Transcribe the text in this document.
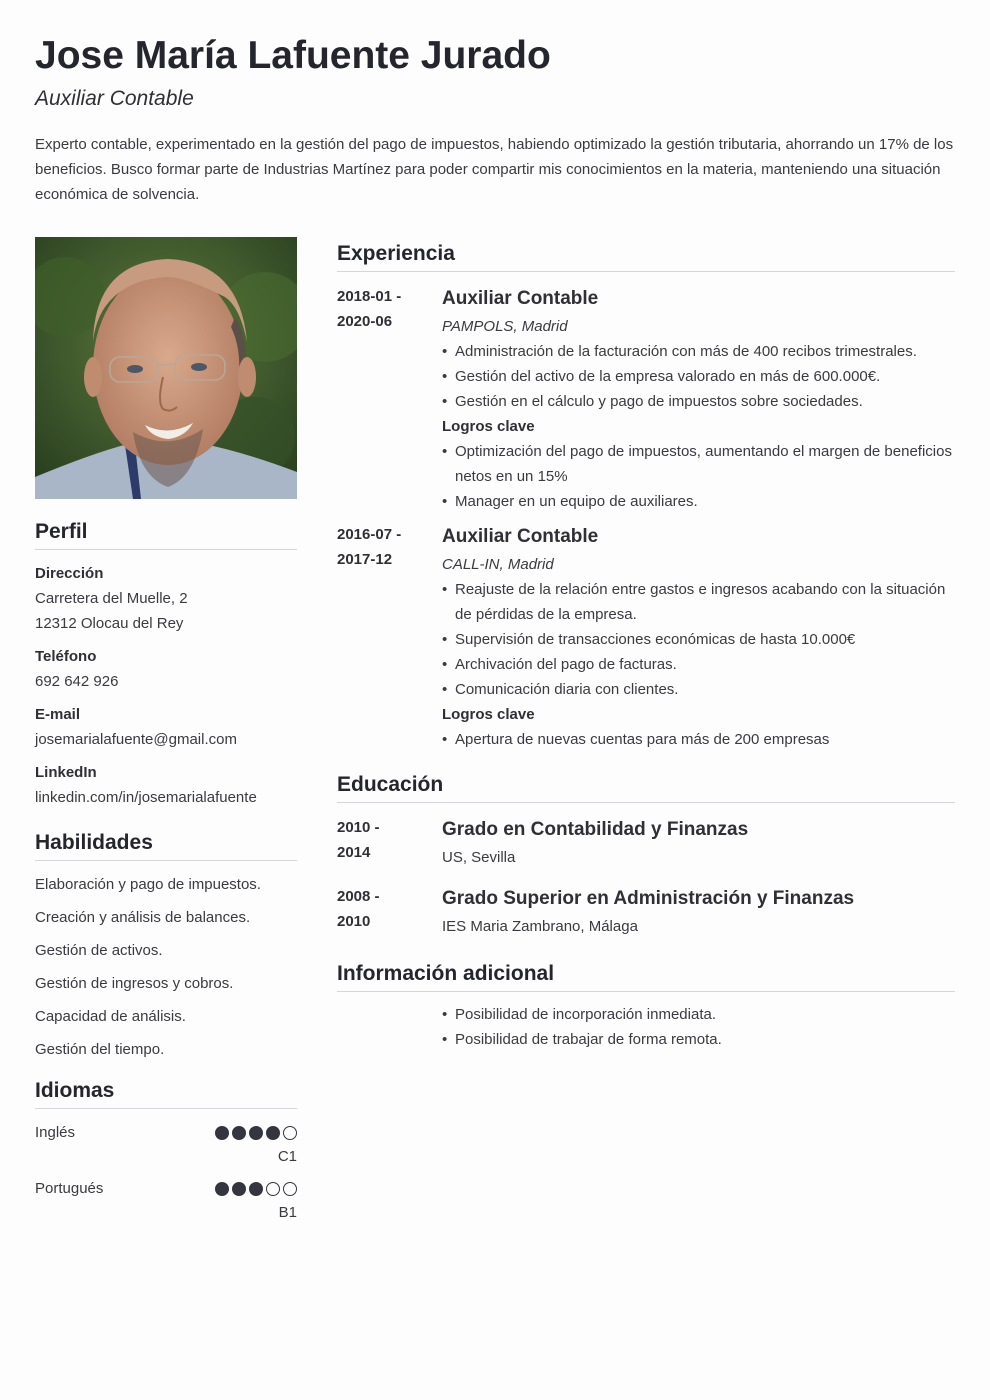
Jose María Lafuente Jurado
Auxiliar Contable

Experto contable, experimentado en la gestión del pago de impuestos, habiendo optimizado la gestión tributaria, ahorrando un 17% de los beneficios. Busco formar parte de Industrias Martínez para poder compartir mis conocimientos en la materia, manteniendo una situación económica de solvencia.

Perfil
Dirección
Carretera del Muelle, 2
12312 Olocau del Rey
Teléfono
692 642 926
E-mail
josemarialafuente@gmail.com
LinkedIn
linkedin.com/in/josemarialafuente
Habilidades
Elaboración y pago de impuestos.
Creación y análisis de balances.
Gestión de activos.
Gestión de ingresos y cobros.
Capacidad de análisis.
Gestión del tiempo.
Idiomas
Inglés
C1
Portugués
B1
Experiencia
2018-01 -
2020-06
Auxiliar Contable
PAMPOLS, Madrid
• Administración de la facturación con más de 400 recibos trimestrales.
• Gestión del activo de la empresa valorado en más de 600.000€.
• Gestión en el cálculo y pago de impuestos sobre sociedades.
Logros clave
• Optimización del pago de impuestos, aumentando el margen de beneficios netos en un 15%
• Manager en un equipo de auxiliares.
2016-07 -
2017-12
Auxiliar Contable
CALL-IN, Madrid
• Reajuste de la relación entre gastos e ingresos acabando con la situación de pérdidas de la empresa.
• Supervisión de transacciones económicas de hasta 10.000€
• Archivación del pago de facturas.
• Comunicación diaria con clientes.
Logros clave
• Apertura de nuevas cuentas para más de 200 empresas
Educación
2010 -
2014
Grado en Contabilidad y Finanzas
US, Sevilla
2008 -
2010
Grado Superior en Administración y Finanzas
IES Maria Zambrano, Málaga
Información adicional
• Posibilidad de incorporación inmediata.
• Posibilidad de trabajar de forma remota.
